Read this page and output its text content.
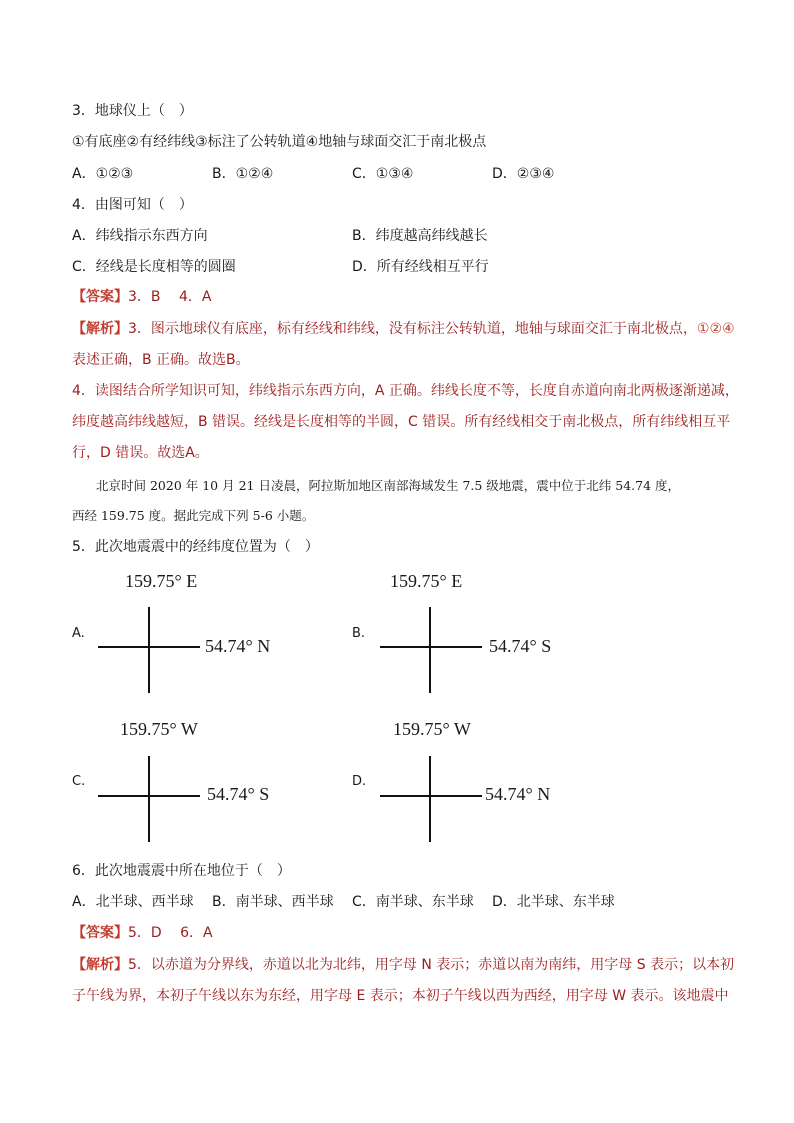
3．地球仪上（　）
①有底座②有经纬线③标注了公转轨道④地轴与球面交汇于南北极点
A．①②③	B．①②④	C．①③④	D．②③④
4．由图可知（　）
A．纬线指示东西方向	B．纬度越高纬线越长
C．经线是长度相等的圆圈	D．所有经线相互平行
【答案】3．B　 4．A
【解析】3．图示地球仪有底座，标有经线和纬线，没有标注公转轨道，地轴与球面交汇于南北极点，①②④
表述正确，B 正确。故选B。
4．读图结合所学知识可知，纬线指示东西方向，A 正确。纬线长度不等，长度自赤道向南北两极逐渐递减，
纬度越高纬线越短，B 错误。经线是长度相等的半圆，C 错误。所有经线相交于南北极点，所有纬线相互平
行，D 错误。故选A。
北京时间 2020 年 10 月 21 日凌晨，阿拉斯加地区南部海域发生 7.5 级地震，震中位于北纬 54.74 度，
西经 159.75 度。据此完成下列 5-6 小题。
5．此次地震震中的经纬度位置为（　）
A.
159.75° E
54.74° N
B.
159.75° E
54.74° S
C.
159.75° W
54.74° S
D.
159.75° W
54.74° N
6．此次地震震中所在地位于（　）
A．北半球、西半球 B．南半球、西半球 C．南半球、东半球 D．北半球、东半球
【答案】5．D　 6．A
【解析】5．以赤道为分界线，赤道以北为北纬，用字母 N 表示；赤道以南为南纬，用字母 S 表示；以本初
子午线为界，本初子午线以东为东经，用字母 E 表示；本初子午线以西为西经，用字母 W 表示。该地震中
